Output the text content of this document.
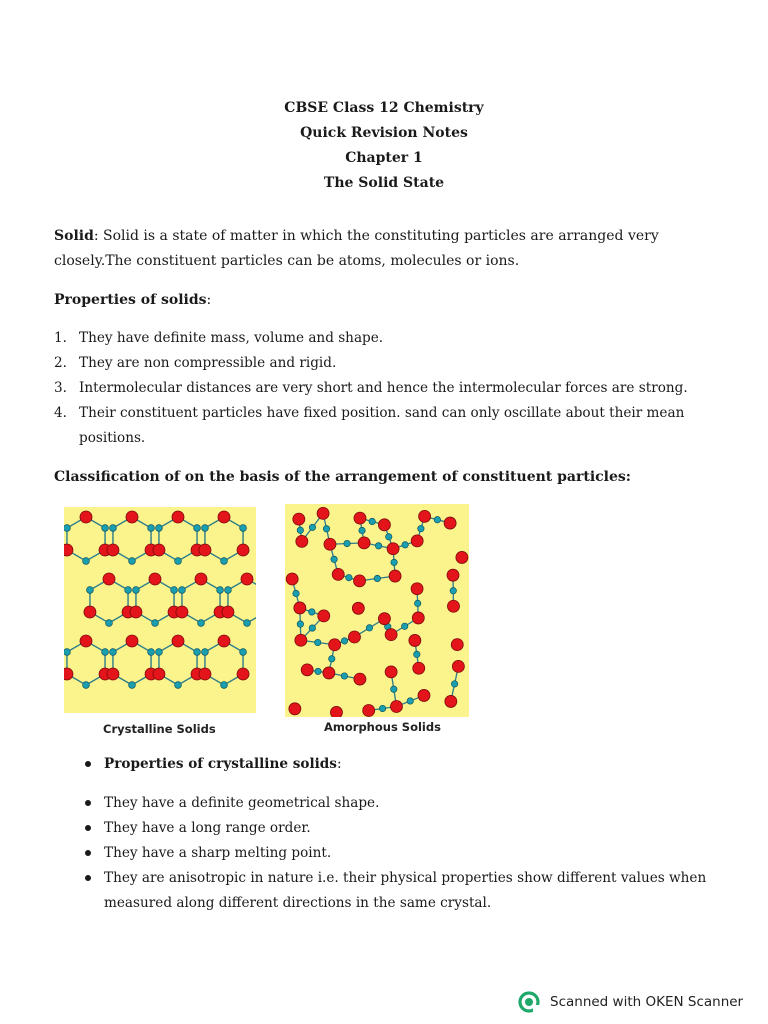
CBSE Class 12 Chemistry
Quick Revision Notes
Chapter 1
The Solid State
Solid: Solid is a state of matter in which the constituting particles are arranged very closely.The constituent particles can be atoms, molecules or ions.
Properties of solids:
1. They have definite mass, volume and shape.
2. They are non compressible and rigid.
3. Intermolecular distances are very short and hence the intermolecular forces are strong.
4. Their constituent particles have fixed position. sand can only oscillate about their mean positions.
Classification of on the basis of the arrangement of constituent particles:
Crystalline Solids	Amorphous Solids
Properties of crystalline solids:
They have a definite geometrical shape.
They have a long range order.
They have a sharp melting point.
They are anisotropic in nature i.e. their physical properties show different values when measured along different directions in the same crystal.
Scanned with OKEN Scanner
